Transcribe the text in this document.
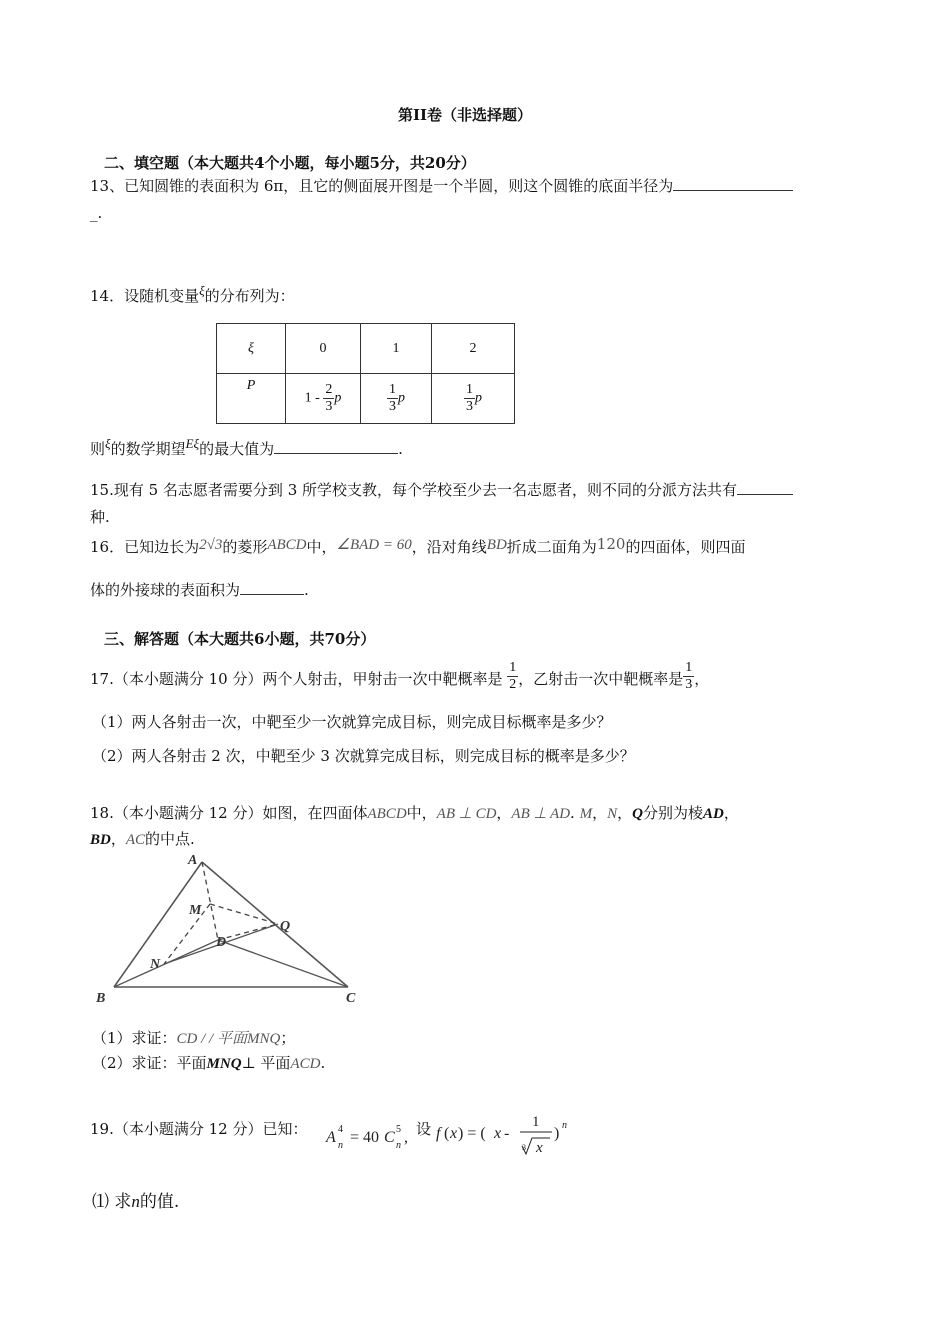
第II卷（非选择题）
二、填空题（本大题共4个小题，每小题5分，共20分）
13、已知圆锥的表面积为 6π，且它的侧面展开图是一个半圆，则这个圆锥的底面半径为
_.
14．设随机变量ξ的分布列为：
ξ	0	1	2
P	$1 - \frac{2}{3}$ p	$\frac{1}{3}$ p	$\frac{1}{3}$ p
则ξ的数学期望Eξ的最大值为	.
15.现有 5 名志愿者需要分到 3 所学校支教，每个学校至少去一名志愿者，则不同的分派方法共有
种.
16．已知边长为2√3的菱形ABCD中，∠BAD = 60，沿对角线BD折成二面角为120的四面体，则四面
体的外接球的表面积为	.
三、解答题（本大题共6小题，共70分）
17.（本小题满分 10 分）两个人射击，甲射击一次中靶概率是 $\frac{1}{2}$ ，乙射击一次中靶概率是 $\frac{1}{3}$ ，
（1）两人各射击一次，中靶至少一次就算完成目标，则完成目标概率是多少？
（2）两人各射击 2 次，中靶至少 3 次就算完成目标，则完成目标的概率是多少？
18.（本小题满分 12 分）如图，在四面体ABCD中，AB ⊥ CD，AB ⊥ AD. M，N，Q分别为棱AD，
BD，AC的中点.
A
M
Q
D
N
B	C
（1）求证：CD / / 平面MNQ；
（2）求证：平面MNQ⊥ 平面ACD.
19.（本小题满分 12 分）已知： A 4
n = 40 C 5
n , 设 f ( x ) = ( x -
1
3 x
) n
⑴ 求n的值.
